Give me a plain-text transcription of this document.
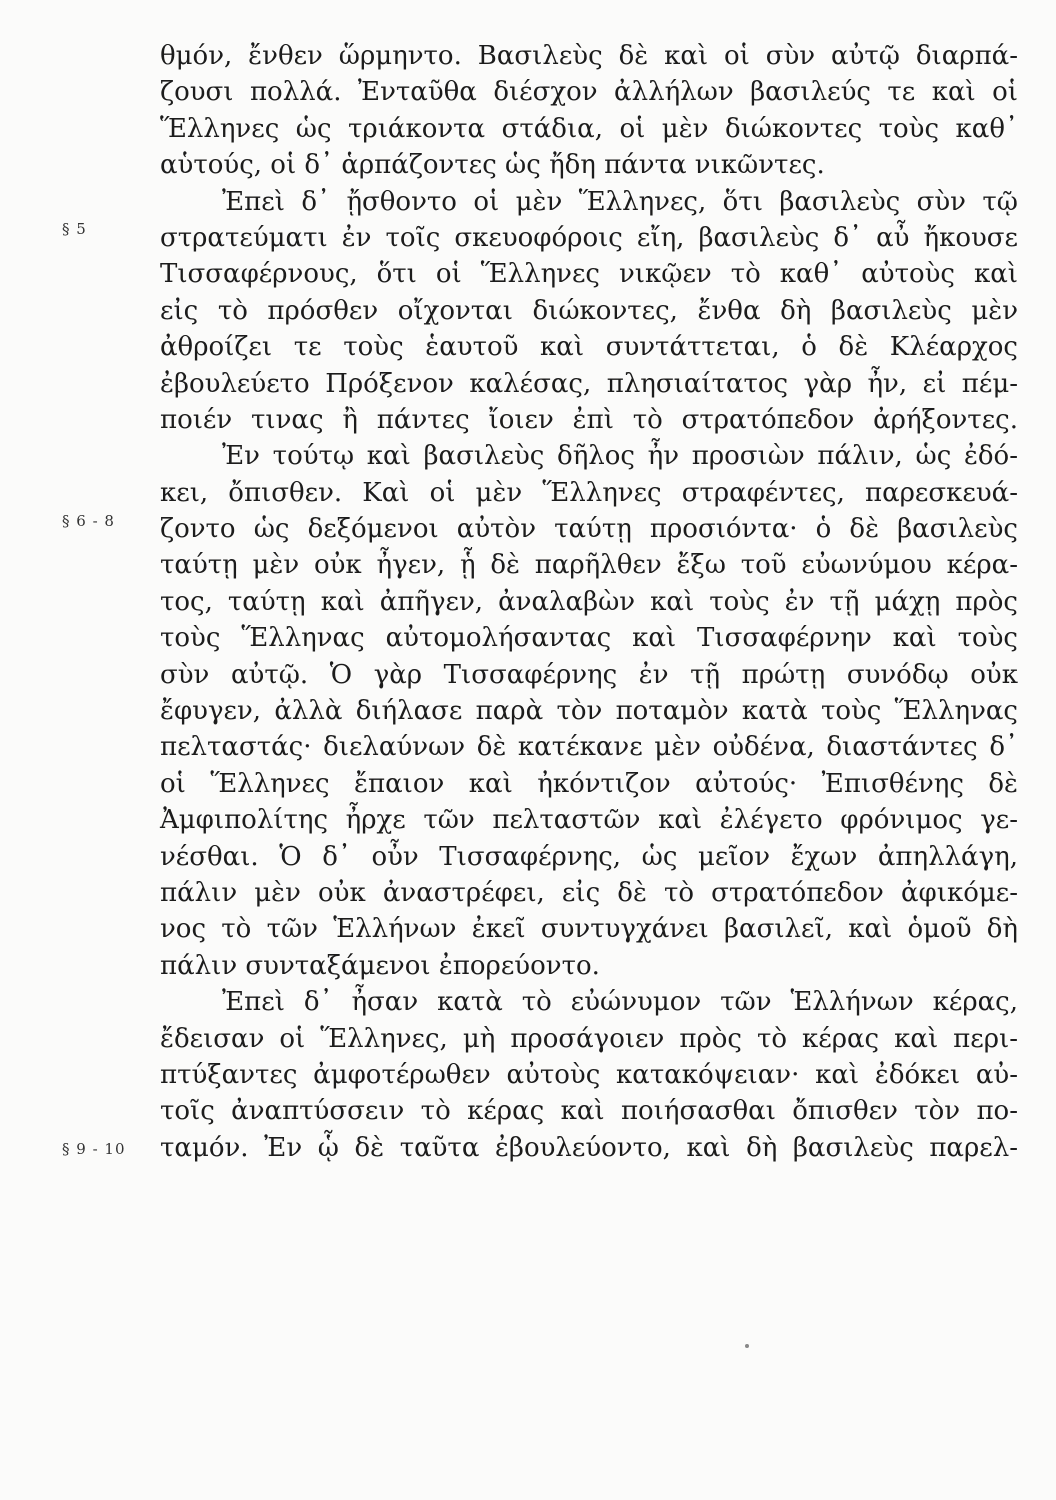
§ 5
§ 6 - 8
§ 9 - 10
θμόν, ἔνθεν ὥρμηντο. Βασιλεὺς δὲ καὶ οἱ σὺν αὐτῷ διαρπά-
ζουσι πολλά. Ἐνταῦθα διέσχον ἀλλήλων βασιλεύς τε καὶ οἱ
Ἕλληνες ὡς τριάκοντα στάδια, οἱ μὲν διώκοντες τοὺς καθ᾽
αὑτούς, οἱ δ᾽ ἁρπάζοντες ὡς ἤδη πάντα νικῶντες.
Ἐπεὶ δ᾽ ᾔσθοντο οἱ μὲν Ἕλληνες, ὅτι βασιλεὺς σὺν τῷ
στρατεύματι ἐν τοῖς σκευοφόροις εἴη, βασιλεὺς δ᾽ αὖ ἤκουσε
Τισσαφέρνους, ὅτι οἱ Ἕλληνες νικῷεν τὸ καθ᾽ αὐτοὺς καὶ
εἰς τὸ πρόσθεν οἴχονται διώκοντες, ἔνθα δὴ βασιλεὺς μὲν
ἀθροίζει τε τοὺς ἑαυτοῦ καὶ συντάττεται, ὁ δὲ Κλέαρχος
ἐβουλεύετο Πρόξενον καλέσας, πλησιαίτατος γὰρ ἦν, εἰ πέμ-
ποιέν τινας ἢ πάντες ἴοιεν ἐπὶ τὸ στρατόπεδον ἀρήξοντες.
Ἐν τούτῳ καὶ βασιλεὺς δῆλος ἦν προσιὼν πάλιν, ὡς ἐδό-
κει, ὄπισθεν. Καὶ οἱ μὲν Ἕλληνες στραφέντες, παρεσκευά-
ζοντο ὡς δεξόμενοι αὐτὸν ταύτῃ προσιόντα· ὁ δὲ βασιλεὺς
ταύτῃ μὲν οὐκ ἦγεν, ᾗ δὲ παρῆλθεν ἔξω τοῦ εὐωνύμου κέρα-
τος, ταύτῃ καὶ ἀπῆγεν, ἀναλαβὼν καὶ τοὺς ἐν τῇ μάχῃ πρὸς
τοὺς Ἕλληνας αὐτομολήσαντας καὶ Τισσαφέρνην καὶ τοὺς
σὺν αὐτῷ. Ὁ γὰρ Τισσαφέρνης ἐν τῇ πρώτῃ συνόδῳ οὐκ
ἔφυγεν, ἀλλὰ διήλασε παρὰ τὸν ποταμὸν κατὰ τοὺς Ἕλληνας
πελταστάς· διελαύνων δὲ κατέκανε μὲν οὐδένα, διαστάντες δ᾽
οἱ Ἕλληνες ἔπαιον καὶ ἠκόντιζον αὐτούς· Ἐπισθένης δὲ
Ἀμφιπολίτης ἦρχε τῶν πελταστῶν καὶ ἐλέγετο φρόνιμος γε-
νέσθαι. Ὁ δ᾽ οὖν Τισσαφέρνης, ὡς μεῖον ἔχων ἀπηλλάγη,
πάλιν μὲν οὐκ ἀναστρέφει, εἰς δὲ τὸ στρατόπεδον ἀφικόμε-
νος τὸ τῶν Ἑλλήνων ἐκεῖ συντυγχάνει βασιλεῖ, καὶ ὁμοῦ δὴ
πάλιν συνταξάμενοι ἐπορεύοντο.
Ἐπεὶ δ᾽ ἦσαν κατὰ τὸ εὐώνυμον τῶν Ἑλλήνων κέρας,
ἔδεισαν οἱ Ἕλληνες, μὴ προσάγοιεν πρὸς τὸ κέρας καὶ περι-
πτύξαντες ἀμφοτέρωθεν αὐτοὺς κατακόψειαν· καὶ ἐδόκει αὐ-
τοῖς ἀναπτύσσειν τὸ κέρας καὶ ποιήσασθαι ὄπισθεν τὸν πο-
ταμόν. Ἐν ᾧ δὲ ταῦτα ἐβουλεύοντο, καὶ δὴ βασιλεὺς παρελ-
